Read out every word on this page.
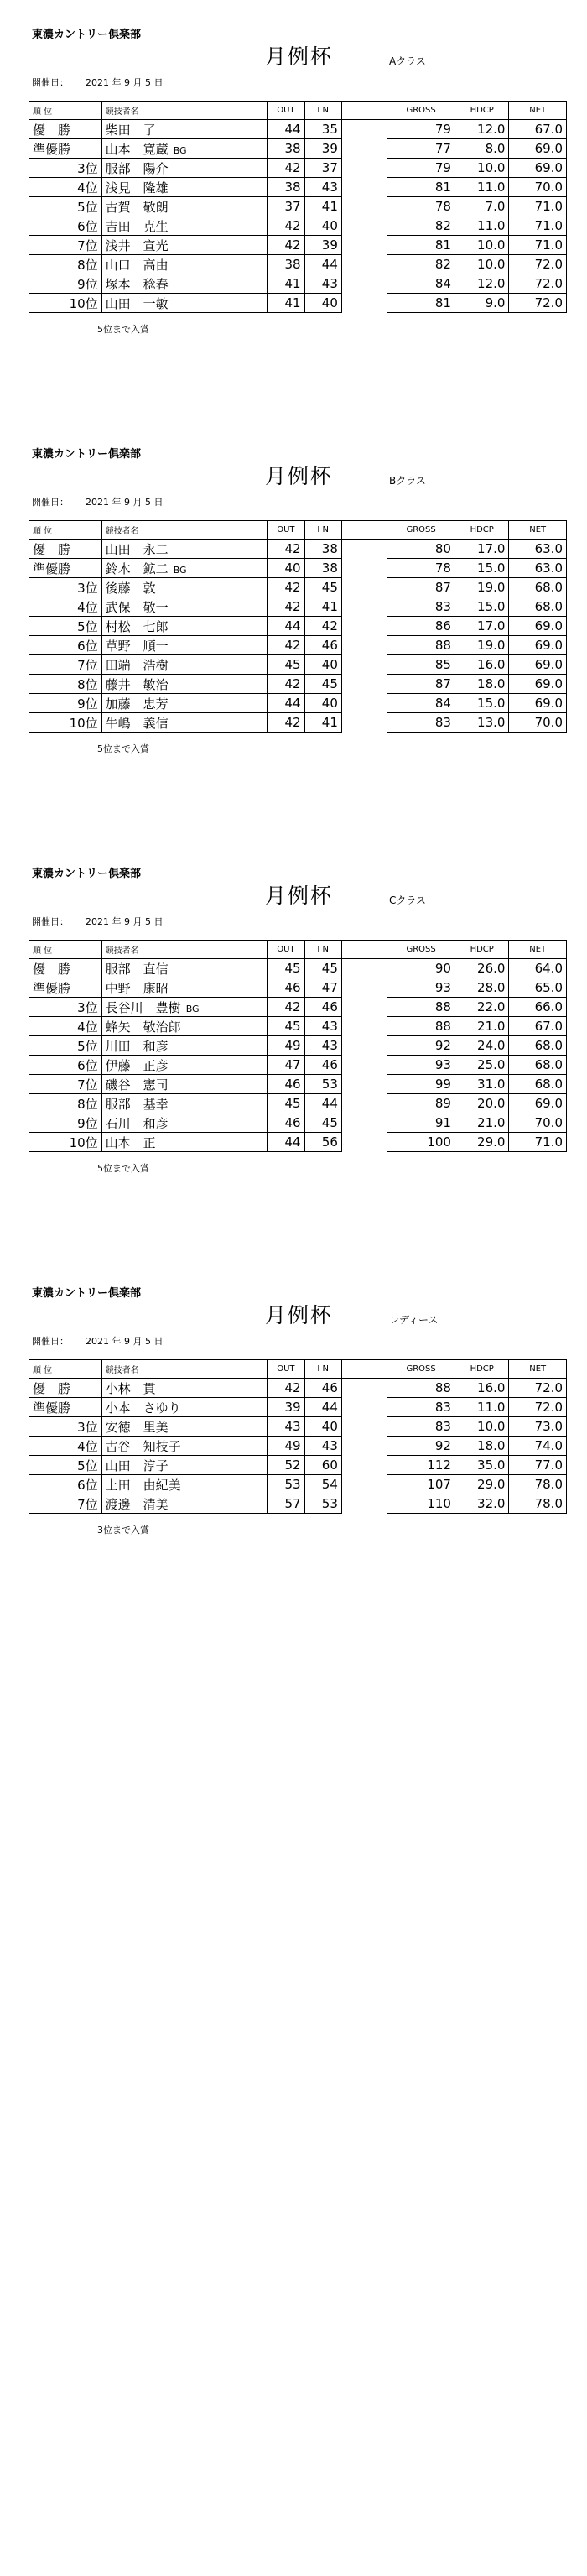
東濃カントリー倶楽部
月例杯	Aクラス
開催日： 2021 年 9 月 5 日
順 位	競技者名	OUT	I N		GROSS	HDCP	NET
優　勝	柴田　了	44	35		79	12.0	67.0
準優勝	山本　寛蔵 BG	38	39		77	8.0	69.0
3位	服部　陽介	42	37		79	10.0	69.0
4位	浅見　隆雄	38	43		81	11.0	70.0
5位	古賀　敬朗	37	41		78	7.0	71.0
6位	吉田　克生	42	40		82	11.0	71.0
7位	浅井　宣光	42	39		81	10.0	71.0
8位	山口　高由	38	44		82	10.0	72.0
9位	塚本　稔春	41	43		84	12.0	72.0
10位	山田　一敏	41	40		81	9.0	72.0
5位まで入賞
東濃カントリー倶楽部
月例杯	Bクラス
開催日： 2021 年 9 月 5 日
順 位	競技者名	OUT	I N		GROSS	HDCP	NET
優　勝	山田　永二	42	38		80	17.0	63.0
準優勝	鈴木　鉱二 BG	40	38		78	15.0	63.0
3位	後藤　敦	42	45		87	19.0	68.0
4位	武保　敬一	42	41		83	15.0	68.0
5位	村松　七郎	44	42		86	17.0	69.0
6位	草野　順一	42	46		88	19.0	69.0
7位	田端　浩樹	45	40		85	16.0	69.0
8位	藤井　敏治	42	45		87	18.0	69.0
9位	加藤　忠芳	44	40		84	15.0	69.0
10位	牛嶋　義信	42	41		83	13.0	70.0
5位まで入賞
東濃カントリー倶楽部
月例杯	Cクラス
開催日： 2021 年 9 月 5 日
順 位	競技者名	OUT	I N		GROSS	HDCP	NET
優　勝	服部　直信	45	45		90	26.0	64.0
準優勝	中野　康昭	46	47		93	28.0	65.0
3位	長谷川　豊樹 BG	42	46		88	22.0	66.0
4位	蜂矢　敬治郎	45	43		88	21.0	67.0
5位	川田　和彦	49	43		92	24.0	68.0
6位	伊藤　正彦	47	46		93	25.0	68.0
7位	磯谷　憲司	46	53		99	31.0	68.0
8位	服部　基幸	45	44		89	20.0	69.0
9位	石川　和彦	46	45		91	21.0	70.0
10位	山本　正	44	56		100	29.0	71.0
5位まで入賞
東濃カントリー倶楽部
月例杯	レディース
開催日： 2021 年 9 月 5 日
順 位	競技者名	OUT	I N		GROSS	HDCP	NET
優　勝	小林　貫	42	46		88	16.0	72.0
準優勝	小本　さゆり	39	44		83	11.0	72.0
3位	安徳　里美	43	40		83	10.0	73.0
4位	古谷　知枝子	49	43		92	18.0	74.0
5位	山田　淳子	52	60		112	35.0	77.0
6位	上田　由紀美	53	54		107	29.0	78.0
7位	渡邊　清美	57	53		110	32.0	78.0
3位まで入賞
